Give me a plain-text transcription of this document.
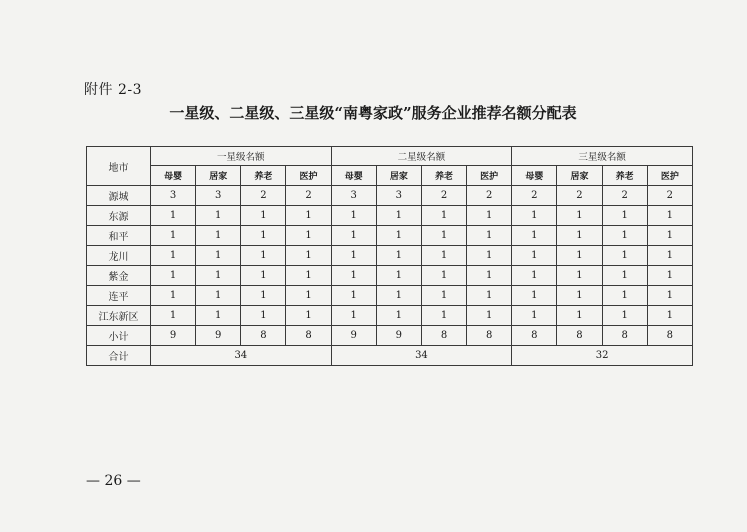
附件 2-3
一星级、二星级、三星级“南粤家政”服务企业推荐名额分配表
地市	一星级名额				二星级名额				三星级名额			
	母婴	居家	养老	医护	母婴	居家	养老	医护	母婴	居家	养老	医护
源城	3	3	2	2	3	3	2	2	2	2	2	2
东源	1	1	1	1	1	1	1	1	1	1	1	1
和平	1	1	1	1	1	1	1	1	1	1	1	1
龙川	1	1	1	1	1	1	1	1	1	1	1	1
紫金	1	1	1	1	1	1	1	1	1	1	1	1
连平	1	1	1	1	1	1	1	1	1	1	1	1
江东新区	1	1	1	1	1	1	1	1	1	1	1	1
小计	9	9	8	8	9	9	8	8	8	8	8	8
合计	34				34				32			
— 26 —
